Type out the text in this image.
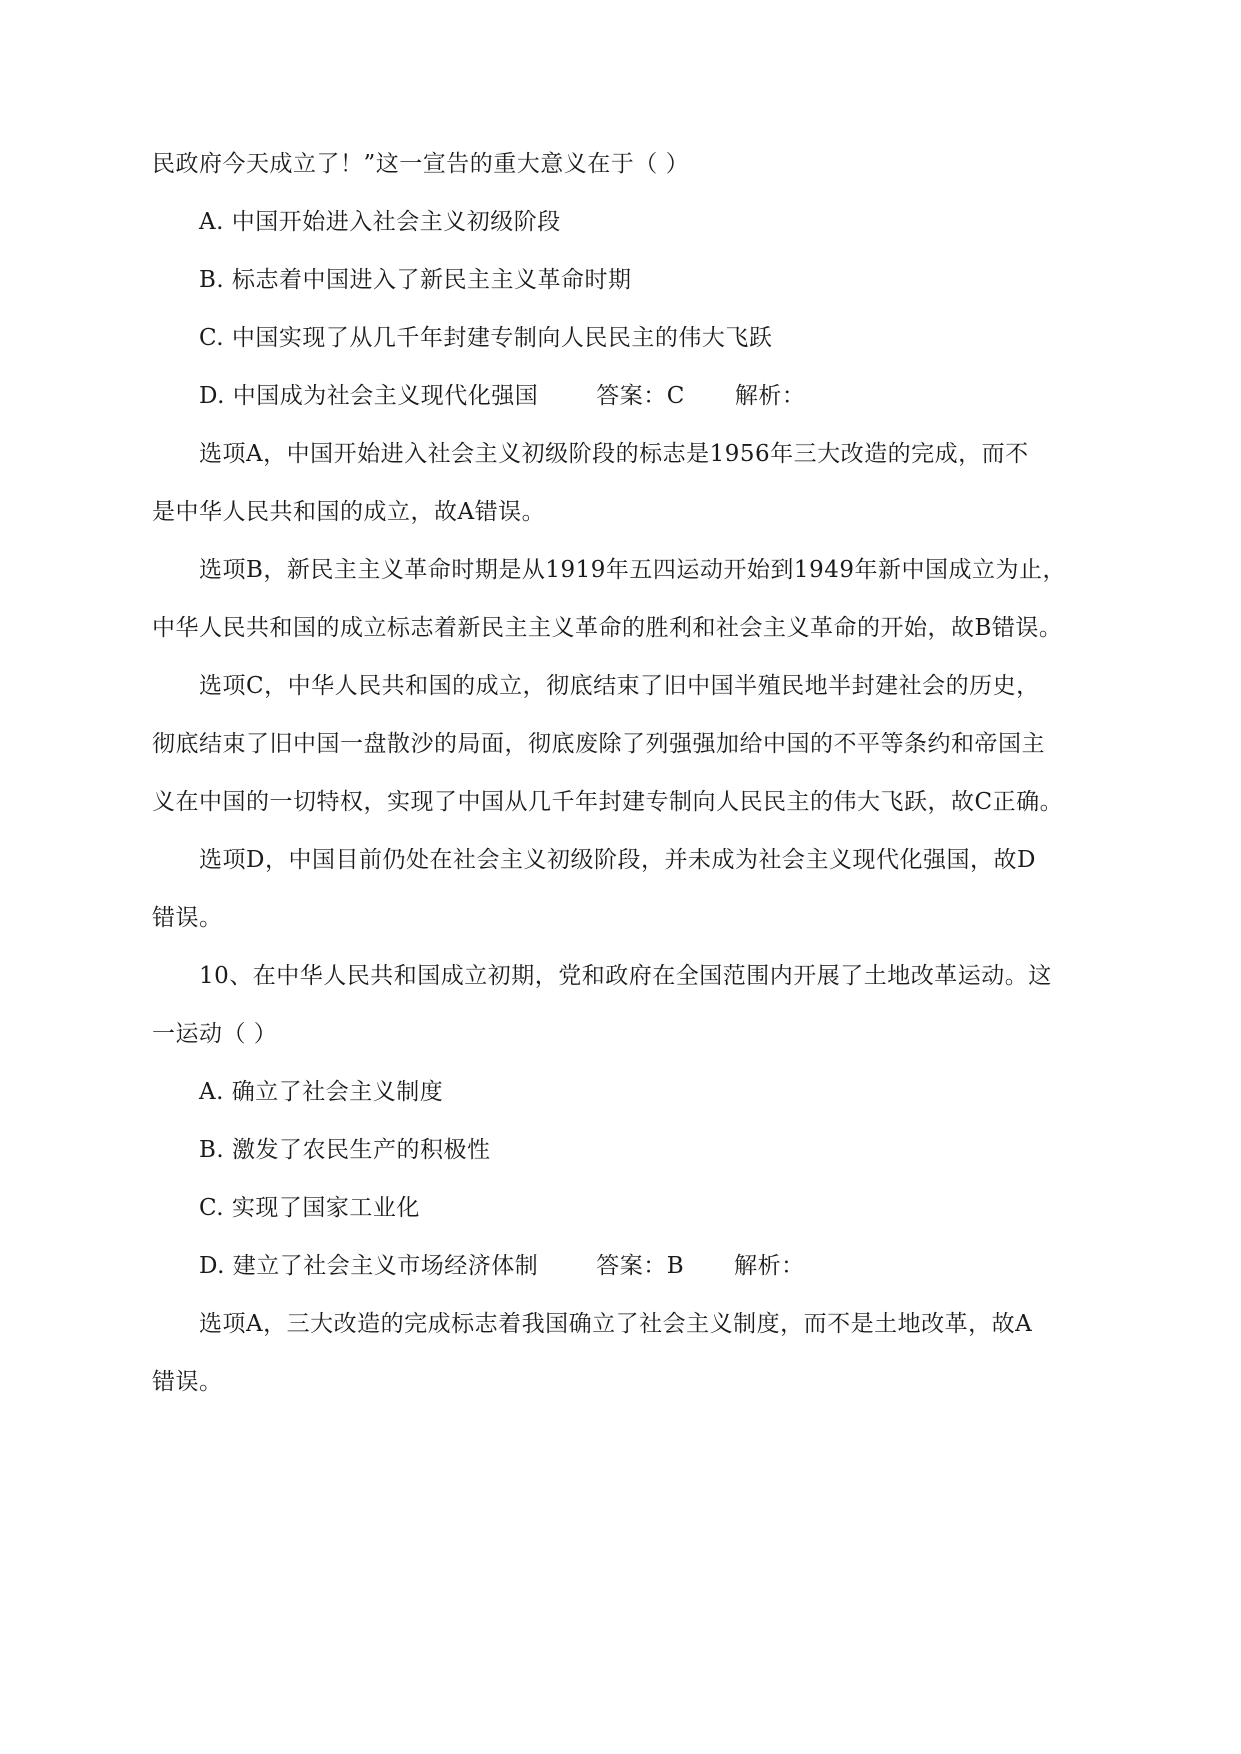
民政府今天成立了！”这一宣告的重大意义在于（ ）
A. 中国开始进入社会主义初级阶段
B. 标志着中国进入了新民主主义革命时期
C. 中国实现了从几千年封建专制向人民民主的伟大飞跃
D. 中国成为社会主义现代化强国	答案：C 解析：
选项A，中国开始进入社会主义初级阶段的标志是1956年三大改造的完成，而不
是中华人民共和国的成立，故A错误。
选项B，新民主主义革命时期是从1919年五四运动开始到1949年新中国成立为止，
中华人民共和国的成立标志着新民主主义革命的胜利和社会主义革命的开始，故B错误。
选项C，中华人民共和国的成立，彻底结束了旧中国半殖民地半封建社会的历史，
彻底结束了旧中国一盘散沙的局面，彻底废除了列强强加给中国的不平等条约和帝国主
义在中国的一切特权，实现了中国从几千年封建专制向人民民主的伟大飞跃，故C正确。
选项D，中国目前仍处在社会主义初级阶段，并未成为社会主义现代化强国，故D
错误。
10、在中华人民共和国成立初期，党和政府在全国范围内开展了土地改革运动。这
一运动（ ）
A. 确立了社会主义制度
B. 激发了农民生产的积极性
C. 实现了国家工业化
D. 建立了社会主义市场经济体制	答案：B 解析：
选项A，三大改造的完成标志着我国确立了社会主义制度，而不是土地改革，故A
错误。
